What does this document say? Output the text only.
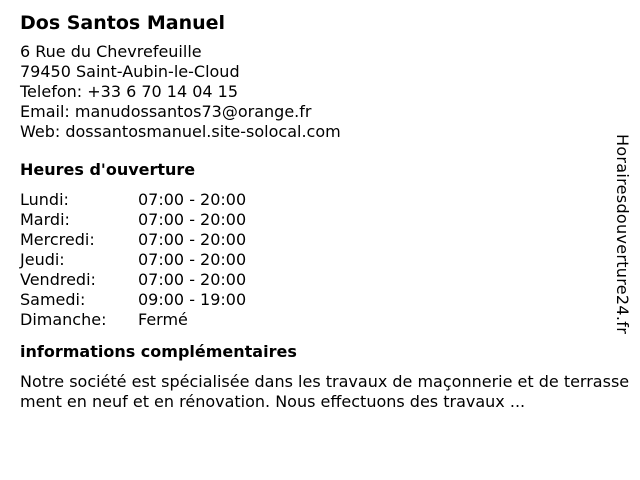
Dos Santos Manuel
6 Rue du Chevrefeuille
79450 Saint-Aubin-le-Cloud
Telefon: +33 6 70 14 04 15
Email: manudossantos73@orange.fr
Web: dossantosmanuel.site-solocal.com
Heures d'ouverture
Lundi:	07:00 - 20:00
Mardi:	07:00 - 20:00
Mercredi:	07:00 - 20:00
Jeudi:	07:00 - 20:00
Vendredi:	07:00 - 20:00
Samedi:	09:00 - 19:00
Dimanche:	Fermé
informations complémentaires
Notre société est spécialisée dans les travaux de maçonnerie et de terrassement en neuf et en rénovation. Nous effectuons des travaux ...
Horairesdouverture24.fr
